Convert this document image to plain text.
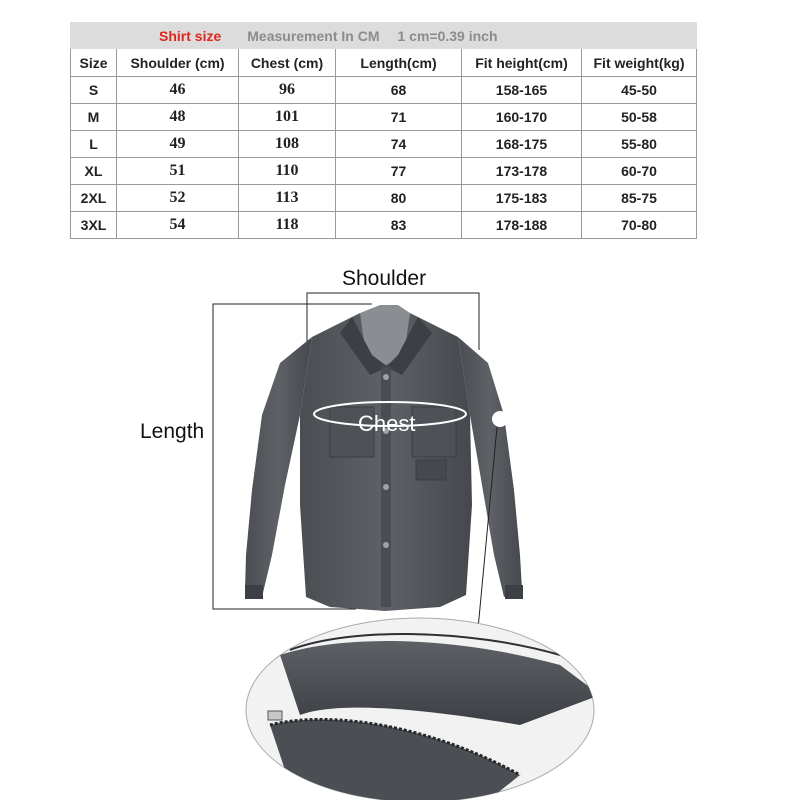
Shirt size Measurement In CM 1 cm=0.39 inch					
Size	Shoulder (cm)	Chest (cm)	Length(cm)	Fit height(cm)	Fit weight(kg)
S	46	96	68	158-165	45-50
M	48	101	71	160-170	50-58
L	49	108	74	168-175	55-80
XL	51	110	77	173-178	60-70
2XL	52	113	80	175-183	85-75
3XL	54	118	83	178-188	70-80
Shoulder
Length	Chest
